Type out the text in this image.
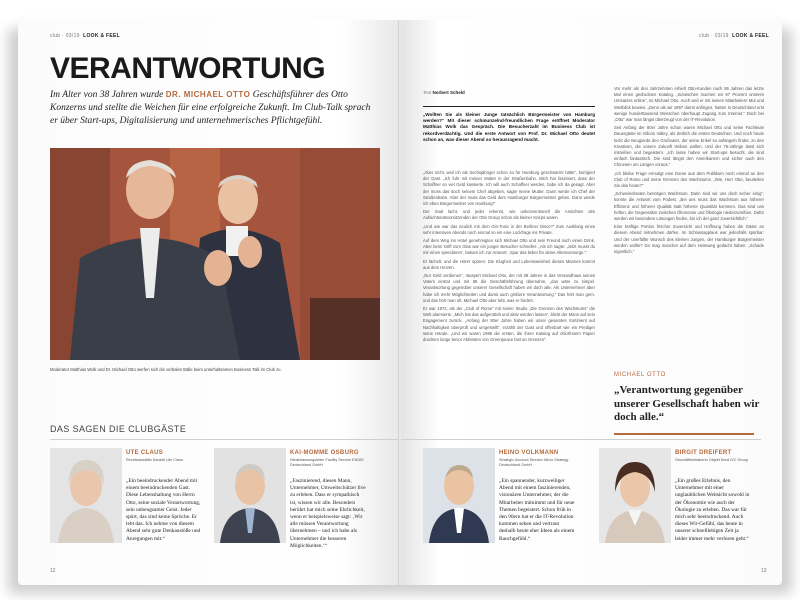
club · 03/19 LOOK & FEEL
VERANTWORTUNG
Im Alter von 38 Jahren wurde DR. MICHAEL OTTO Geschäftsführer des Otto Konzerns und stellte die Weichen für eine erfolgreiche Zukunft. Im Club-Talk sprach er über Start-ups, Digitalisierung und unternehmerisches Pflichtgefühl.
Moderator Matthias Wolk und Dr. Michael Otto werfen sich die verbalen Bälle beim unterhaltsamen Business Talk im Club zu.
DAS SAGEN DIE CLUBGÄSTE
UTE CLAUS
Rechtsanwältin Kanzlei Ute Claus
„Ein beeindruckender Abend mit einem beeindruckenden Gast. Diese Lebenshaltung von Herrn Otto, seine soziale Verantwortung, sein unbeugsamer Geist. Jeder spürt, das sind keine Sprüche. Er lebt das. Ich nehme von diesem Abend sehr gute Denkanstöße und Anregungen mit.“
KAI-MOMME OSBURG
Niederlassungsleiter Facility Service ENGIE Deutschland GmbH
„Faszinierend, diesen Mann, Unternehmer, Umweltschützer live zu erleben. Dass er sympathisch ist, wissen wir alle. Besonders berührt hat mich seine Ehrlichkeit, wenn er beispielsweise sagt: ‚Wir alle müssen Verantwortung übernehmen – und ich habe als Unternehmer die besseren Möglichkeiten.‘“
12
club · 03/19 LOOK & FEEL
Text Norbert Scheld
„Wollten Sie als kleiner Junge tatsächlich Bürgermeister von Hamburg werden?“ Mit dieser schmunzelnd-freundlichen Frage eröffnet Moderator Matthias Wolk das Gespräch. Die Besucherzahl im Business Club ist rekordverdächtig. Und die erste Antwort von Prof. Dr. Michael Otto deutet schon an, was dieser Abend so herausragend macht.

„Aber nicht, weil ich als Sechsjähriger schon so für Hamburg geschwärmt hätte“, korrigiert der Gast. „Ich fuhr mit meiner Mutter in der Straßenbahn. Mich hat fasziniert, dass der Schaffner so viel Geld kassierte. Ich will auch Schaffner werden, habe ich da gesagt. Aber der muss das doch seinem Chef abgeben, sagte meine Mutter. Dann werde ich Chef der Straßenbahn. Aber der muss das Geld dem Hamburger Bürgermeister geben. Dann werde ich eben Bürgermeister von Hamburg!“

Der Saal lacht, und jeder erkennt, wie unkonventionell die Ansichten des Aufsichtsratsvorsitzenden der Otto Group schon als kleiner Knirps waren.

„Und wie war das neulich mit dem Gin-Tonic in der Berliner Disco?“ Zum Ausklang eines sehr intensiven Abends noch einmal so ein eine Lockfrage ins Private.

Auf dem Weg ins Hotel genehmigten sich Michael Otto und sein Freund noch einen Drink. Aber beim Griff zum Glas war ein junger Besucher schneller. „Als ich sagte: ‚Jetzt musst du mir einen spendieren‘, bekam ich zur Antwort: ‚Spar das lieber für deine Altersvorsorge.‘“

Er lächelt, und die Hörer spüren: Die Klugheit und Lebensweisheit dieses Mannes kommt aus dem Herzen.

„Nur Geld verdienen“, räuspert Michael Otto, der mit 38 Jahren in das Versandhaus seines Vaters eintrat und mit 88 die Geschäftsführung übernahm, „das wäre zu simpel. Verantwortung gegenüber unserer Gesellschaft haben wir doch alle. Als Unternehmer aber habe ich mehr Möglichkeiten und damit auch größere Verantwortung.“ Das hört man gern, und das hört man oft. Michael Otto aber lebt, was er fordert.

Er war 1972, als der „Club of Rome“ mit seiner Studie „Die Grenzen des Wachstums“ die Welt alarmierte. „Mich hat das aufgerüttelt und aktiv werden lassen“, blickt der Mann auf sein Engagement zurück. „Anfang der 80er Jahre haben wir unser gesamtes Sortiment auf Nachhaltigkeit überprüft und umgestellt“, erzählt der Gast und offenbart wie ein Prediger seine Hände. „Und wir waren 1986 die ersten, die ihren Katalog auf chlorfreiem Papier druckten lange bevor Aktivisten von Greenpeace fast an Grenzen“.

Vor mehr als drei Jahrzehnten erhielt Otto-Kunden nach 86 Jahren das letzte Mal einen gedruckten Katalog. „Inzwischen machen wir 97 Prozent unseres Umsatzes online“, so Michael Otto. Auch weil er mit seinen Mitarbeitern Mut und Weitblick bewies. „Denn als wir 1997 damit anfingen, hatten in Deutschland erst wenige hunderttausend Menschen überhaupt Zugang zum Internet.“ Doch bei „Otto“ war man längst überzeugt von der IT-Revolution.

Seit Anfang der 80er Jahre schon waren Michael Otto und seine Fachleute Dauergäste im Silicon Valley, als Zeitlich die ersten Deutschen. Und noch heute lockt die Neugierde den Großvater, der seine Enkel so anfängeln findet, zu den Kreativen, die unsere Zukunft treiben wollen. Und der 76-Jährige lässt sich mitreißen und begeistern. „Ich lasse haben wir Start-ups besucht, die sind einfach fantastisch. Die sind längst den Amerikanern und sicher auch den Chinesen um Längen voraus.“

„Ich bleibe Frage ermutigt eine Dame aus dem Publikum noch einmal an den Club of Rome und seine Grenzen des Wachstums. „Wie, Herr Otto, beurteilen Sie das heute?“

„Schweinebraten benötigen Wachstum. Darin sind wir uns doch sicher einig“, konnte die Antwort vom Podest. „Bei uns muss das Wachstum aus höherer Effizienz und höherer Qualität statt höherer Quantität kommen. Das sind uns heften, die Gegensätze zwischen Ökonomie und Ökologie niederzureißen. Dafür werden wir besondere Lösungen finden, bin ich der ganz zuversichtlich.“

Eine kräftige Portion frischer Zuversicht und Hoffnung haben die Gäste an diesem Abend mitnehmen dürfen. Im Schlussapplaus war jedenfalls spürbar: Und der unerfüllte Wunsch des kleinen Jungen, der Hamburger Bürgermeister werden wollte? Da mag mancher auf dem Heimweg gedacht haben: „Schade eigentlich.“

MICHAEL OTTO
„Verantwortung gegenüber unserer Gesellschaft haben wir doch alle.“
HEINO VOLKMANN
Strategic Account Director Micro Strategy Deutschland GmbH
„Ein spannender, kurzweiliger Abend mit einem faszinierenden, visionären Unternehmer, der die Mitarbeiter mitnimmt und für neue Themen begeistert. Schon früh in den 90ern hat er die IT-Revolution kommen sehen und vertraut deshalb heute eher Ideen als einem Bauchgefühl.“
BIRGIT DREIFERT
Geschäftsinhaberin Objekt Nord IVC Group
„Ein großes Erlebnis, den Unternehmer mit einer unglaublichen Weitsicht sowohl in der Ökonomie wie auch der Ökologie zu erleben. Das war für mich sehr beeindruckend. Auch dieses Wir-Gefühl, das heute in unserer schnelllebigen Zeit ja leider immer mehr verloren geht.“
13
